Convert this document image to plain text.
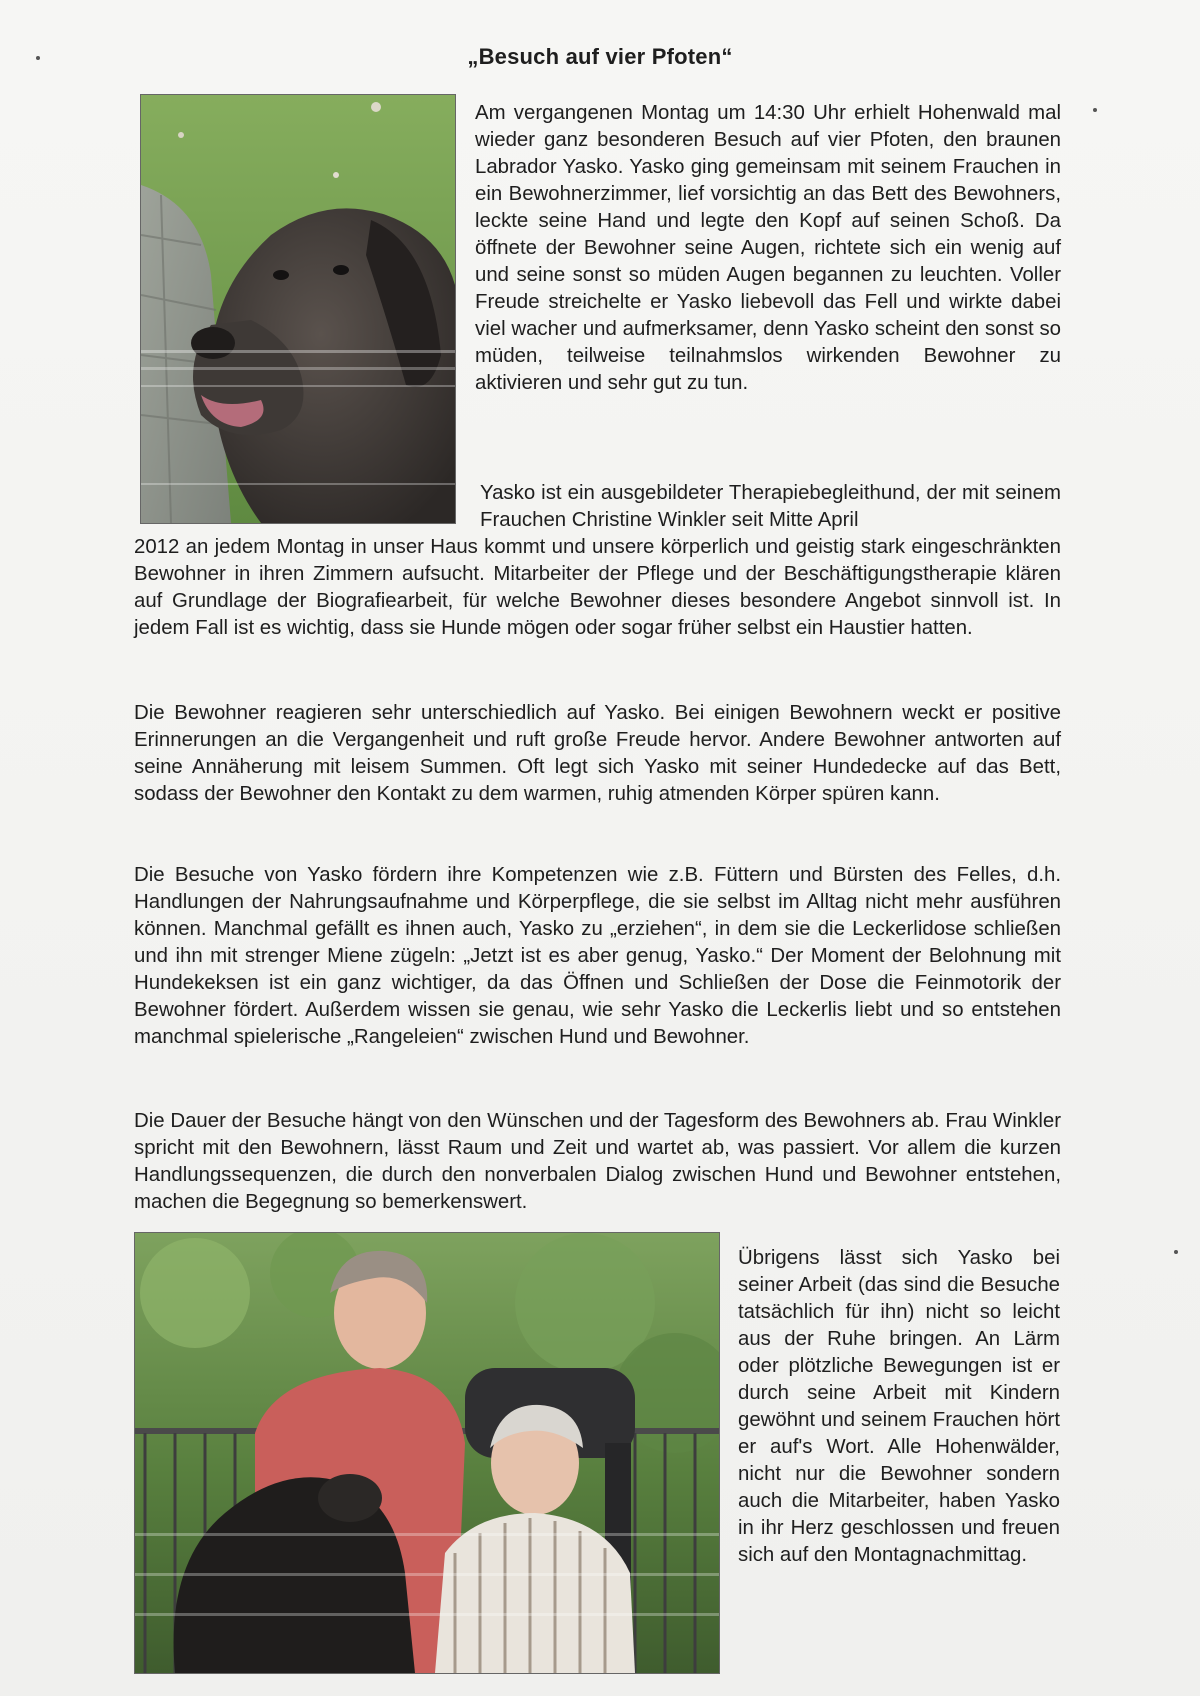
„Besuch auf vier Pfoten“

Am vergangenen Montag um 14:30 Uhr erhielt Hohenwald mal wieder ganz besonderen Besuch auf vier Pfoten, den braunen Labrador Yasko. Yasko ging gemeinsam mit seinem Frauchen in ein Bewohnerzimmer, lief vorsichtig an das Bett des Bewohners, leckte seine Hand und legte den Kopf auf seinen Schoß. Da öffnete der Bewohner seine Augen, richtete sich ein wenig auf und seine sonst so müden Augen begannen zu leuchten. Voller Freude streichelte er Yasko liebevoll das Fell und wirkte dabei viel wacher und aufmerksamer, denn Yasko scheint den sonst so müden, teilweise teilnahmslos wirkenden Bewohner zu aktivieren und sehr gut zu tun.

Yasko ist ein ausgebildeter Therapiebegleithund, der mit seinem Frauchen Christine Winkler seit Mitte April

2012 an jedem Montag in unser Haus kommt und unsere körperlich und geistig stark eingeschränkten Bewohner in ihren Zimmern aufsucht. Mitarbeiter der Pflege und der Beschäftigungstherapie klären auf Grundlage der Biografiearbeit, für welche Bewohner dieses besondere Angebot sinnvoll ist. In jedem Fall ist es wichtig, dass sie Hunde mögen oder sogar früher selbst ein Haustier hatten.

Die Bewohner reagieren sehr unterschiedlich auf Yasko. Bei einigen Bewohnern weckt er positive Erinnerungen an die Vergangenheit und ruft große Freude hervor. Andere Bewohner antworten auf seine Annäherung mit leisem Summen. Oft legt sich Yasko mit seiner Hundedecke auf das Bett, sodass der Bewohner den Kontakt zu dem warmen, ruhig atmenden Körper spüren kann.

Die Besuche von Yasko fördern ihre Kompetenzen wie z.B. Füttern und Bürsten des Felles, d.h. Handlungen der Nahrungsaufnahme und Körperpflege, die sie selbst im Alltag nicht mehr ausführen können. Manchmal gefällt es ihnen auch, Yasko zu „erziehen“, in dem sie die Leckerlidose schließen und ihn mit strenger Miene zügeln: „Jetzt ist es aber genug, Yasko.“ Der Moment der Belohnung mit Hundekeksen ist ein ganz wichtiger, da das Öffnen und Schließen der Dose die Feinmotorik der Bewohner fördert. Außerdem wissen sie genau, wie sehr Yasko die Leckerlis liebt und so entstehen manchmal spielerische „Rangeleien“ zwischen Hund und Bewohner.

Die Dauer der Besuche hängt von den Wünschen und der Tagesform des Bewohners ab. Frau Winkler spricht mit den Bewohnern, lässt Raum und Zeit und wartet ab, was passiert. Vor allem die kurzen Handlungssequenzen, die durch den nonverbalen Dialog zwischen Hund und Bewohner entstehen, machen die Begegnung so bemerkenswert.

Übrigens lässt sich Yasko bei seiner Arbeit (das sind die Besuche tatsächlich für ihn) nicht so leicht aus der Ruhe bringen. An Lärm oder plötzliche Bewegungen ist er durch seine Arbeit mit Kindern gewöhnt und seinem Frauchen hört er auf's Wort. Alle Hohenwälder, nicht nur die Bewohner sondern auch die Mitarbeiter, haben Yasko in ihr Herz geschlossen und freuen sich auf den Montagnachmittag.
